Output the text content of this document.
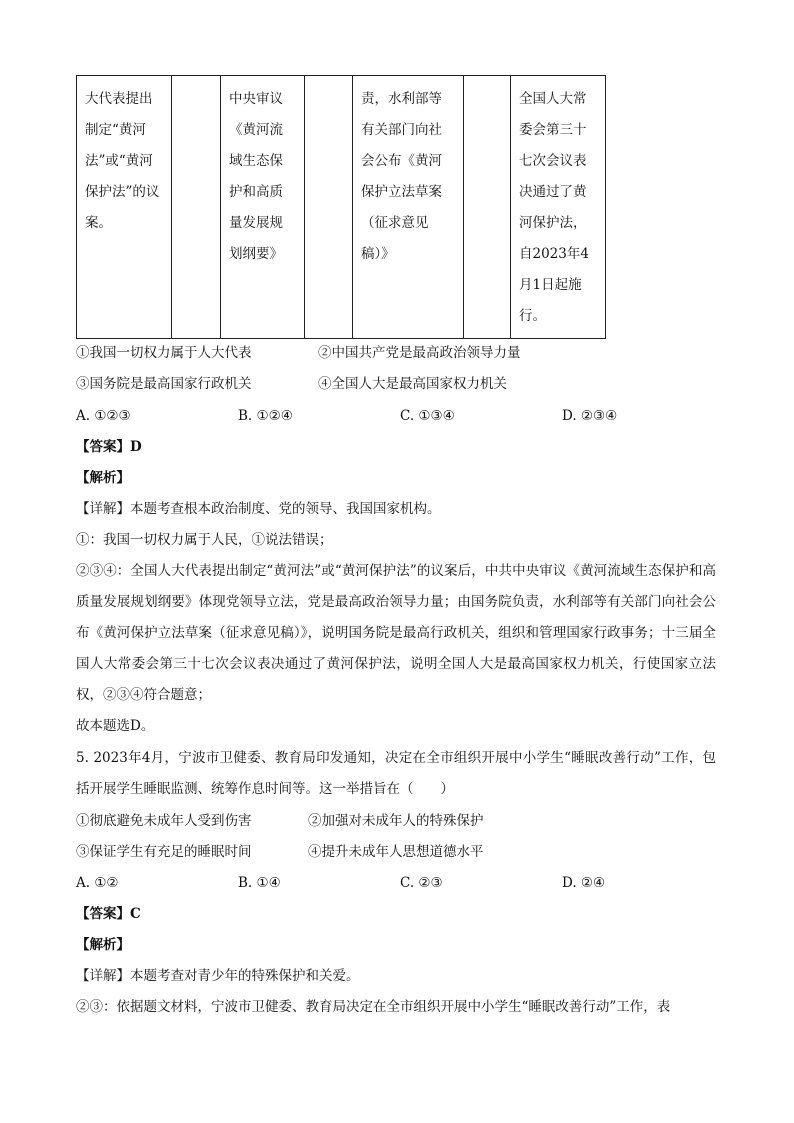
大代表提出制定“黄河法”或“黄河保护法”的议案。		中央审议《黄河流域生态保护和高质量发展规划纲要》		责，水利部等有关部门向社会公布《黄河保护立法草案（征求意见稿）》		全国人大常委会第三十七次会议表决通过了黄河保护法，自2023年4月1日起施行。
①我国一切权力属于人大代表	②中国共产党是最高政治领导力量
③国务院是最高国家行政机关	④全国人大是最高国家权力机关
A. ①②③	B. ①②④	C. ①③④	D. ②③④
【答案】D
【解析】
【详解】本题考查根本政治制度、党的领导、我国国家机构。
①：我国一切权力属于人民，①说法错误；
②③④：全国人大代表提出制定“黄河法”或“黄河保护法”的议案后，中共中央审议《黄河流域生态保护和高质量发展规划纲要》体现党领导立法，党是最高政治领导力量；由国务院负责，水利部等有关部门向社会公布《黄河保护立法草案（征求意见稿）》，说明国务院是最高行政机关，组织和管理国家行政事务；十三届全国人大常委会第三十七次会议表决通过了黄河保护法，说明全国人大是最高国家权力机关，行使国家立法权，②③④符合题意；
故本题选D。
5. 2023年4月，宁波市卫健委、教育局印发通知，决定在全市组织开展中小学生“睡眠改善行动”工作，包括开展学生睡眠监测、统筹作息时间等。这一举措旨在（　　）
①彻底避免未成年人受到伤害	②加强对未成年人的特殊保护
③保证学生有充足的睡眠时间	④提升未成年人思想道德水平
A. ①②	B. ①④	C. ②③	D. ②④
【答案】C
【解析】
【详解】本题考查对青少年的特殊保护和关爱。
②③：依据题文材料，宁波市卫健委、教育局决定在全市组织开展中小学生“睡眠改善行动”工作，表
